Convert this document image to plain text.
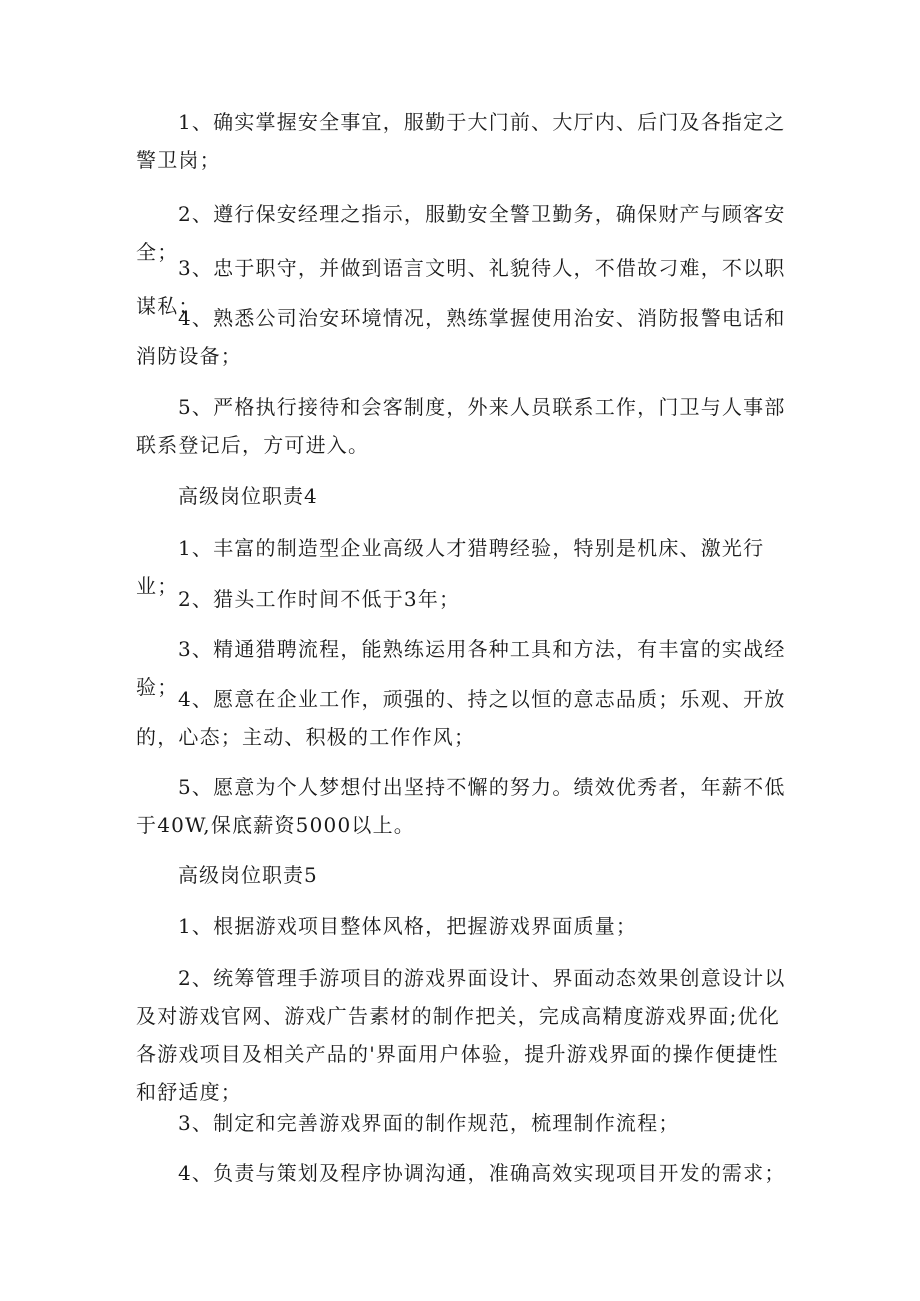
1、确实掌握安全事宜，服勤于大门前、大厅内、后门及各指定之警卫岗；

2、遵行保安经理之指示，服勤安全警卫勤务，确保财产与顾客安全；

3、忠于职守，并做到语言文明、礼貌待人，不借故刁难，不以职谋私；

4、熟悉公司治安环境情况，熟练掌握使用治安、消防报警电话和消防设备；

5、严格执行接待和会客制度，外来人员联系工作，门卫与人事部联系登记后，方可进入。

高级岗位职责4

1、丰富的制造型企业高级人才猎聘经验，特别是机床、激光行业；

2、猎头工作时间不低于3年；

3、精通猎聘流程，能熟练运用各种工具和方法，有丰富的实战经验； 4、愿意在企业工作，顽强的、持之以恒的意志品质；乐观、开放的，心态；主动、积极的工作作风；

5、愿意为个人梦想付出坚持不懈的努力。绩效优秀者，年薪不低于40W,保底薪资5000以上。

高级岗位职责5

1、根据游戏项目整体风格，把握游戏界面质量；

2、统筹管理手游项目的游戏界面设计、界面动态效果创意设计以及对游戏官网、游戏广告素材的制作把关，完成高精度游戏界面;优化各游戏项目及相关产品的'界面用户体验，提升游戏界面的操作便捷性和舒适度；

3、制定和完善游戏界面的制作规范，梳理制作流程；

4、负责与策划及程序协调沟通，准确高效实现项目开发的需求；
